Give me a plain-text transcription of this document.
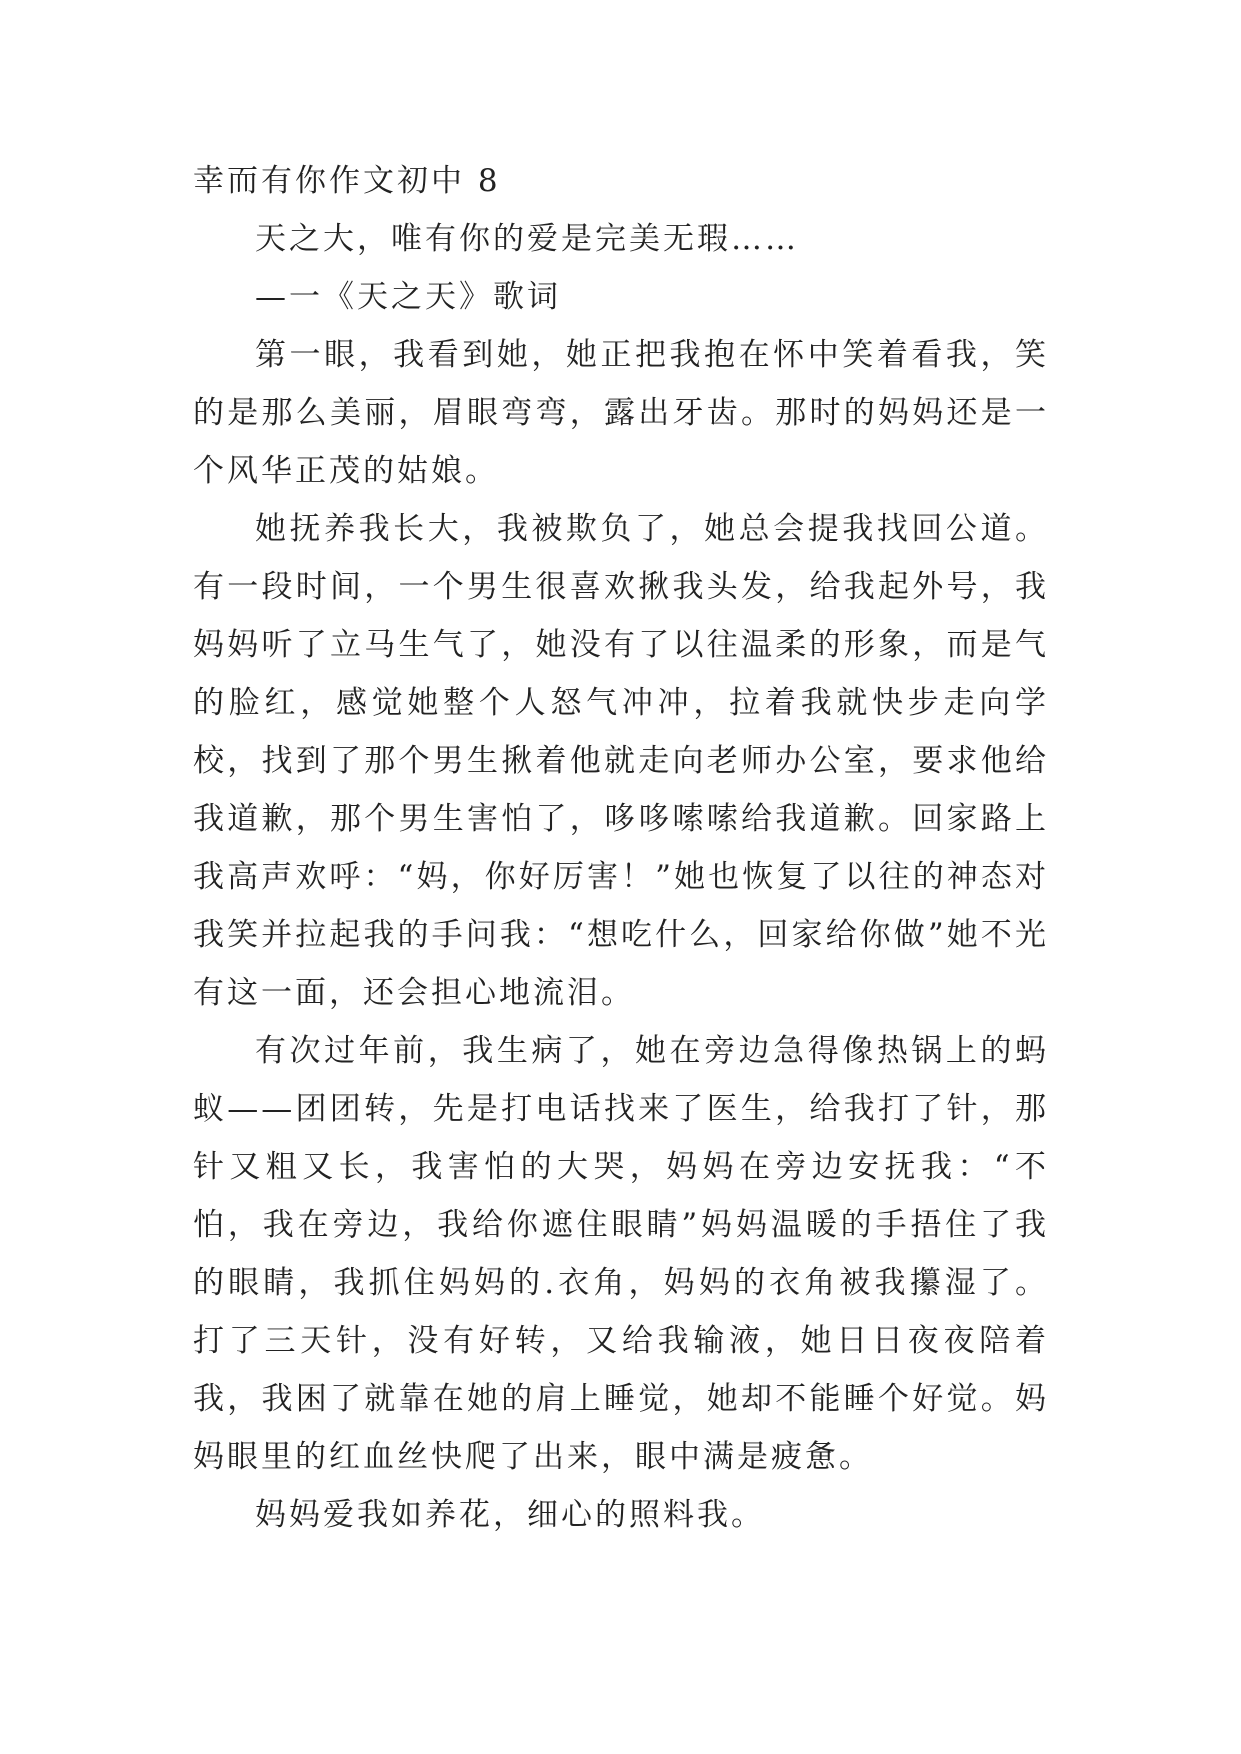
幸而有你作文初中 8

天之大，唯有你的爱是完美无瑕……

—一《天之天》歌词

第一眼，我看到她，她正把我抱在怀中笑着看我，笑的是那么美丽，眉眼弯弯，露出牙齿。那时的妈妈还是一个风华正茂的姑娘。

她抚养我长大，我被欺负了，她总会提我找回公道。有一段时间，一个男生很喜欢揪我头发，给我起外号，我妈妈听了立马生气了，她没有了以往温柔的形象，而是气的脸红，感觉她整个人怒气冲冲，拉着我就快步走向学校，找到了那个男生揪着他就走向老师办公室，要求他给我道歉，那个男生害怕了，哆哆嗦嗦给我道歉。回家路上我高声欢呼：“妈，你好厉害！”她也恢复了以往的神态对我笑并拉起我的手问我：“想吃什么，回家给你做”她不光有这一面，还会担心地流泪。

有次过年前，我生病了，她在旁边急得像热锅上的蚂蚁——团团转，先是打电话找来了医生，给我打了针，那针又粗又长，我害怕的大哭，妈妈在旁边安抚我：“不怕，我在旁边，我给你遮住眼睛”妈妈温暖的手捂住了我的眼睛，我抓住妈妈的.衣角，妈妈的衣角被我攥湿了。打了三天针，没有好转，又给我输液，她日日夜夜陪着我，我困了就靠在她的肩上睡觉，她却不能睡个好觉。妈妈眼里的红血丝快爬了出来，眼中满是疲惫。

妈妈爱我如养花，细心的照料我。
